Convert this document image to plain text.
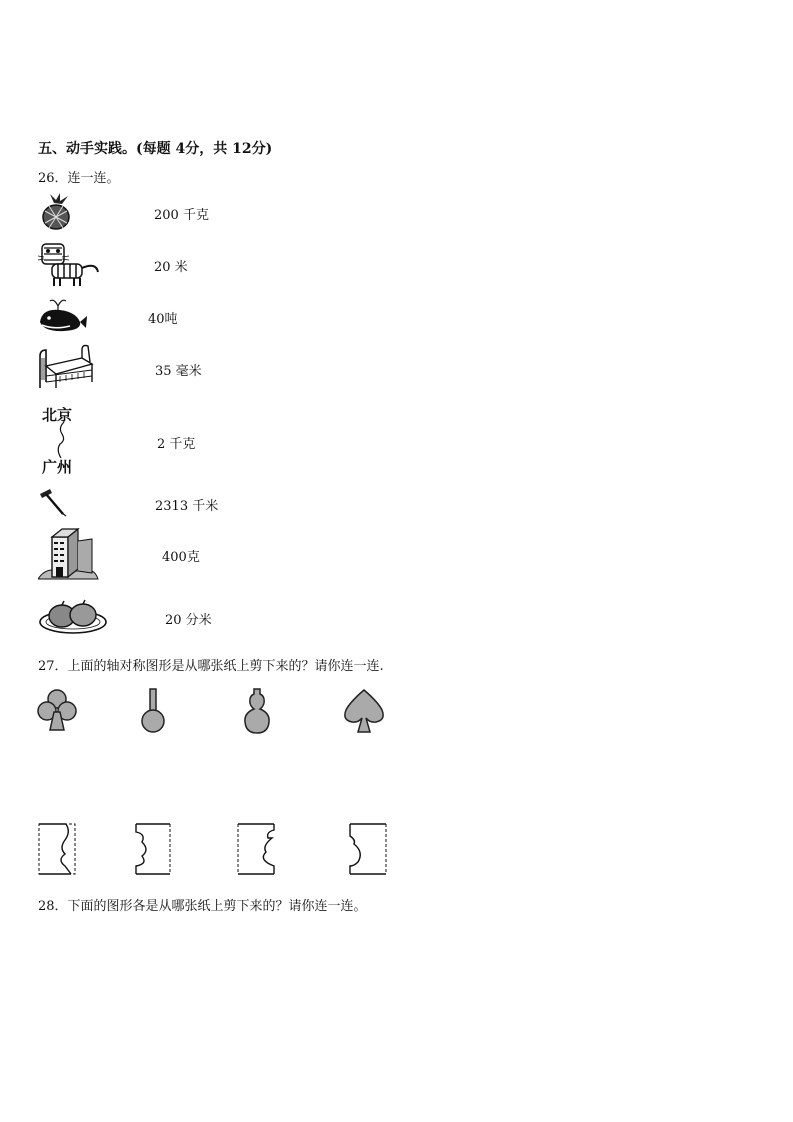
五、动手实践。(每题 4分，共 12分)
26．连一连。
200 千克
20 米
40吨
35 毫米
北京
广州
2 千克
2313 千米
400克
20 分米
27．上面的轴对称图形是从哪张纸上剪下来的？请你连一连.
28．下面的图形各是从哪张纸上剪下来的？请你连一连。
